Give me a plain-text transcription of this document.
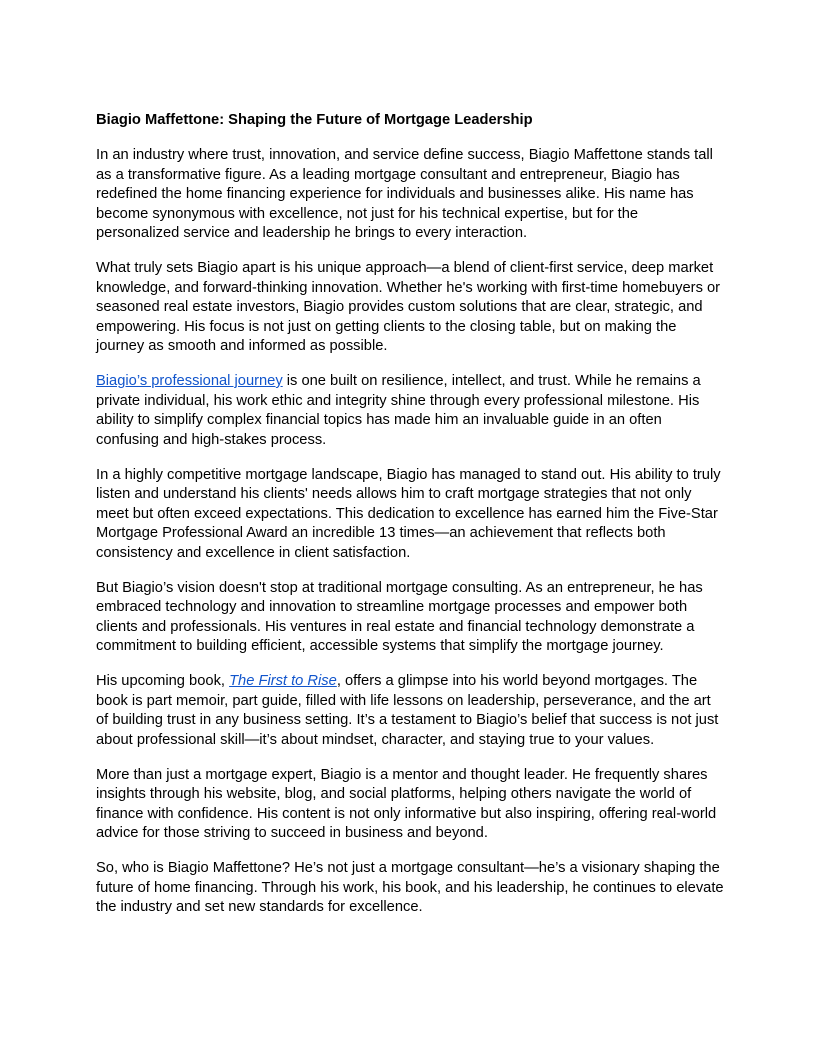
Biagio Maffettone: Shaping the Future of Mortgage Leadership

In an industry where trust, innovation, and service define success, Biagio Maffettone stands tall as a transformative figure. As a leading mortgage consultant and entrepreneur, Biagio has redefined the home financing experience for individuals and businesses alike. His name has become synonymous with excellence, not just for his technical expertise, but for the personalized service and leadership he brings to every interaction.

What truly sets Biagio apart is his unique approach—a blend of client-first service, deep market knowledge, and forward-thinking innovation. Whether he's working with first-time homebuyers or seasoned real estate investors, Biagio provides custom solutions that are clear, strategic, and empowering. His focus is not just on getting clients to the closing table, but on making the journey as smooth and informed as possible.

Biagio’s professional journey is one built on resilience, intellect, and trust. While he remains a private individual, his work ethic and integrity shine through every professional milestone. His ability to simplify complex financial topics has made him an invaluable guide in an often confusing and high-stakes process.

In a highly competitive mortgage landscape, Biagio has managed to stand out. His ability to truly listen and understand his clients' needs allows him to craft mortgage strategies that not only meet but often exceed expectations. This dedication to excellence has earned him the Five-Star Mortgage Professional Award an incredible 13 times—an achievement that reflects both consistency and excellence in client satisfaction.

But Biagio’s vision doesn't stop at traditional mortgage consulting. As an entrepreneur, he has embraced technology and innovation to streamline mortgage processes and empower both clients and professionals. His ventures in real estate and financial technology demonstrate a commitment to building efficient, accessible systems that simplify the mortgage journey.

His upcoming book, The First to Rise, offers a glimpse into his world beyond mortgages. The book is part memoir, part guide, filled with life lessons on leadership, perseverance, and the art of building trust in any business setting. It’s a testament to Biagio’s belief that success is not just about professional skill—it’s about mindset, character, and staying true to your values.

More than just a mortgage expert, Biagio is a mentor and thought leader. He frequently shares insights through his website, blog, and social platforms, helping others navigate the world of finance with confidence. His content is not only informative but also inspiring, offering real-world advice for those striving to succeed in business and beyond.

So, who is Biagio Maffettone? He’s not just a mortgage consultant—he’s a visionary shaping the future of home financing. Through his work, his book, and his leadership, he continues to elevate the industry and set new standards for excellence.
